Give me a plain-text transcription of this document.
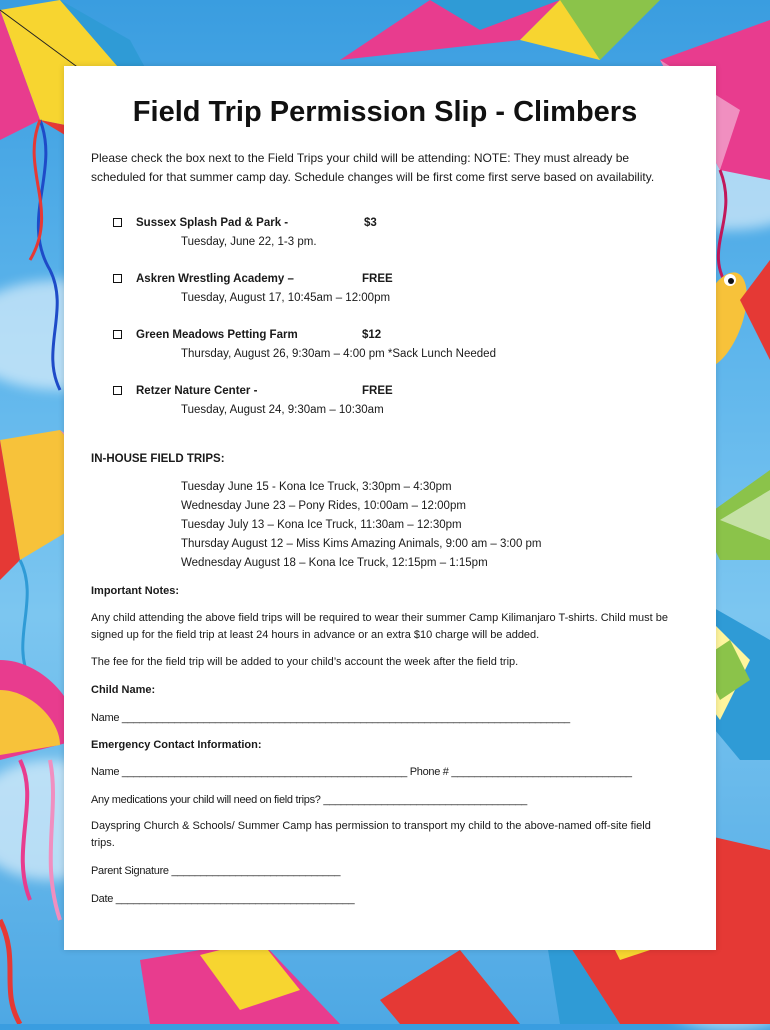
Field Trip Permission Slip - Climbers
Please check the box next to the Field Trips your child will be attending: NOTE: They must already be scheduled for that summer camp day. Schedule changes will be first come first serve based on availability.
Sussex Splash Pad & Park -	$3
Tuesday, June 22, 1-3 pm.
Askren Wrestling Academy –	FREE
Tuesday, August 17, 10:45am – 12:00pm
Green Meadows Petting Farm	$12
Thursday, August 26, 9:30am – 4:00 pm *Sack Lunch Needed
Retzer Nature Center -	FREE
Tuesday, August 24, 9:30am – 10:30am
IN-HOUSE FIELD TRIPS:
Tuesday June 15 - Kona Ice Truck, 3:30pm – 4:30pm
Wednesday June 23 – Pony Rides, 10:00am – 12:00pm
Tuesday July 13 – Kona Ice Truck, 11:30am – 12:30pm
Thursday August 12 – Miss Kims Amazing Animals, 9:00 am – 3:00 pm
Wednesday August 18 – Kona Ice Truck, 12:15pm – 1:15pm
Important Notes:
Any child attending the above field trips will be required to wear their summer Camp Kilimanjaro T-shirts. Child must be signed up for the field trip at least 24 hours in advance or an extra $10 charge will be added.
The fee for the field trip will be added to your child’s account the week after the field trip.
Child Name:
Name _____________________________________________________________________________
Emergency Contact Information:
Name _________________________________________________ Phone # _______________________________
Any medications your child will need on field trips? ___________________________________
Dayspring Church & Schools/ Summer Camp has permission to transport my child to the above-named off-site field trips.
Parent Signature _____________________________
Date _________________________________________
